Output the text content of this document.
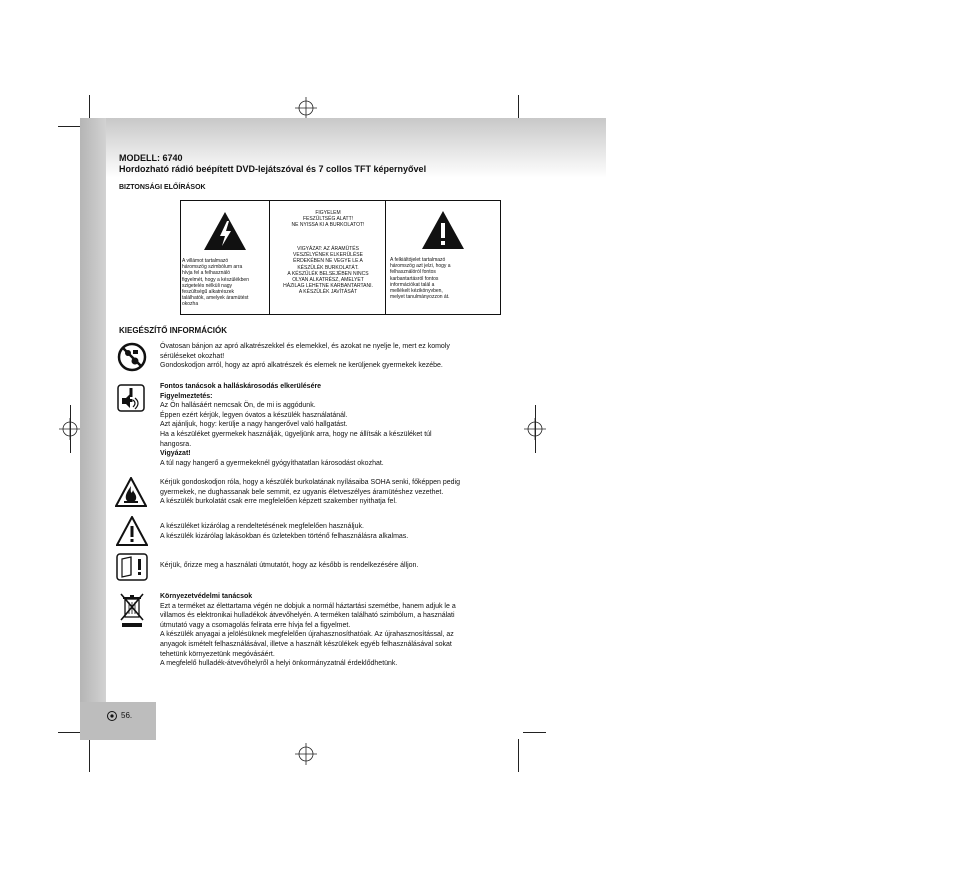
MODELL: 6740
Hordozható rádió beépített DVD-lejátszóval és 7 collos TFT képernyővel
BIZTONSÁGI ELŐÍRÁSOK
A villámot tartalmazó
háromszög szimbólum arra
hívja fel a felhasználó
figyelmét, hogy a készülékben
szigetelés nélküli nagy
feszültségű alkatrészek
találhatók, amelyek áramütést
okozha
FIGYELEM
FESZÜLTSÉG ALATT!
NE NYISSA KI A BURKOLATOT!
VIGYÁZAT: AZ ÁRAMÜTÉS
VESZÉLYÉNEK ELKERÜLÉSE
ÉRDEKÉBEN NE VEGYE LE A
KÉSZÜLÉK BURKOLATÁT.
A KÉSZÜLÉK BELSEJÉBEN NINCS
OLYAN ALKATRÉSZ, AMELYET
HÁZILAG LEHETNE KARBANTARTANI.
A KÉSZÜLÉK JAVÍTÁSÁT
A felkiáltójelet tartalmazó
háromszög azt jelzi, hogy a
felhasználóról fontos
karbantartásról fontos
információkat talál a
mellékelt kézikönyvben,
melyet tanulmányozzon át.
KIEGÉSZÍTŐ INFORMÁCIÓK
Óvatosan bánjon az apró alkatrészekkel és elemekkel, és azokat ne nyelje le, mert ez komoly
sérüléseket okozhat!
Gondoskodjon arról, hogy az apró alkatrészek és elemek ne kerüljenek gyermekek kezébe.
Fontos tanácsok a halláskárosodás elkerülésére
Figyelmeztetés:
Az Ön hallásáért nemcsak Ön, de mi is aggódunk.
Éppen ezért kérjük, legyen óvatos a készülék használatánál.
Azt ajánljuk, hogy: kerülje a nagy hangerővel való hallgatást.
Ha a készüléket gyermekek használják, ügyeljünk arra, hogy ne állítsák a készüléket túl
hangosra.
Vigyázat!
A túl nagy hangerő a gyermekeknél gyógyíthatatlan károsodást okozhat.
Kérjük gondoskodjon róla, hogy a készülék burkolatának nyílásaiba SOHA senki, főképpen pedig
gyermekek, ne dughassanak bele semmit, ez ugyanis életveszélyes áramütéshez vezethet.
A készülék burkolatát csak erre megfelelően képzett szakember nyithatja fel.
A készüléket kizárólag a rendeltetésének megfelelően használjuk.
A készülék kizárólag lakásokban és üzletekben történő felhasználásra alkalmas.
Kérjük, őrizze meg a használati útmutatót, hogy az később is rendelkezésére álljon.
Környezetvédelmi tanácsok
Ezt a terméket az élettartama végén ne dobjuk a normál háztartási szemétbe, hanem adjuk le a
villamos és elektronikai hulladékok átvevőhelyén. A terméken található szimbólum, a használati
útmutató vagy a csomagolás felirata erre hívja fel a figyelmet.
A készülék anyagai a jelölésüknek megfelelően újrahasznosíthatóak. Az újrahasznosítással, az
anyagok ismételt felhasználásával, illetve a használt készülékek egyéb felhasználásával sokat
tehetünk környezetünk megóvásáért.
A megfelelő hulladék-átvevőhelyről a helyi önkormányzatnál érdeklődhetünk.
56.
